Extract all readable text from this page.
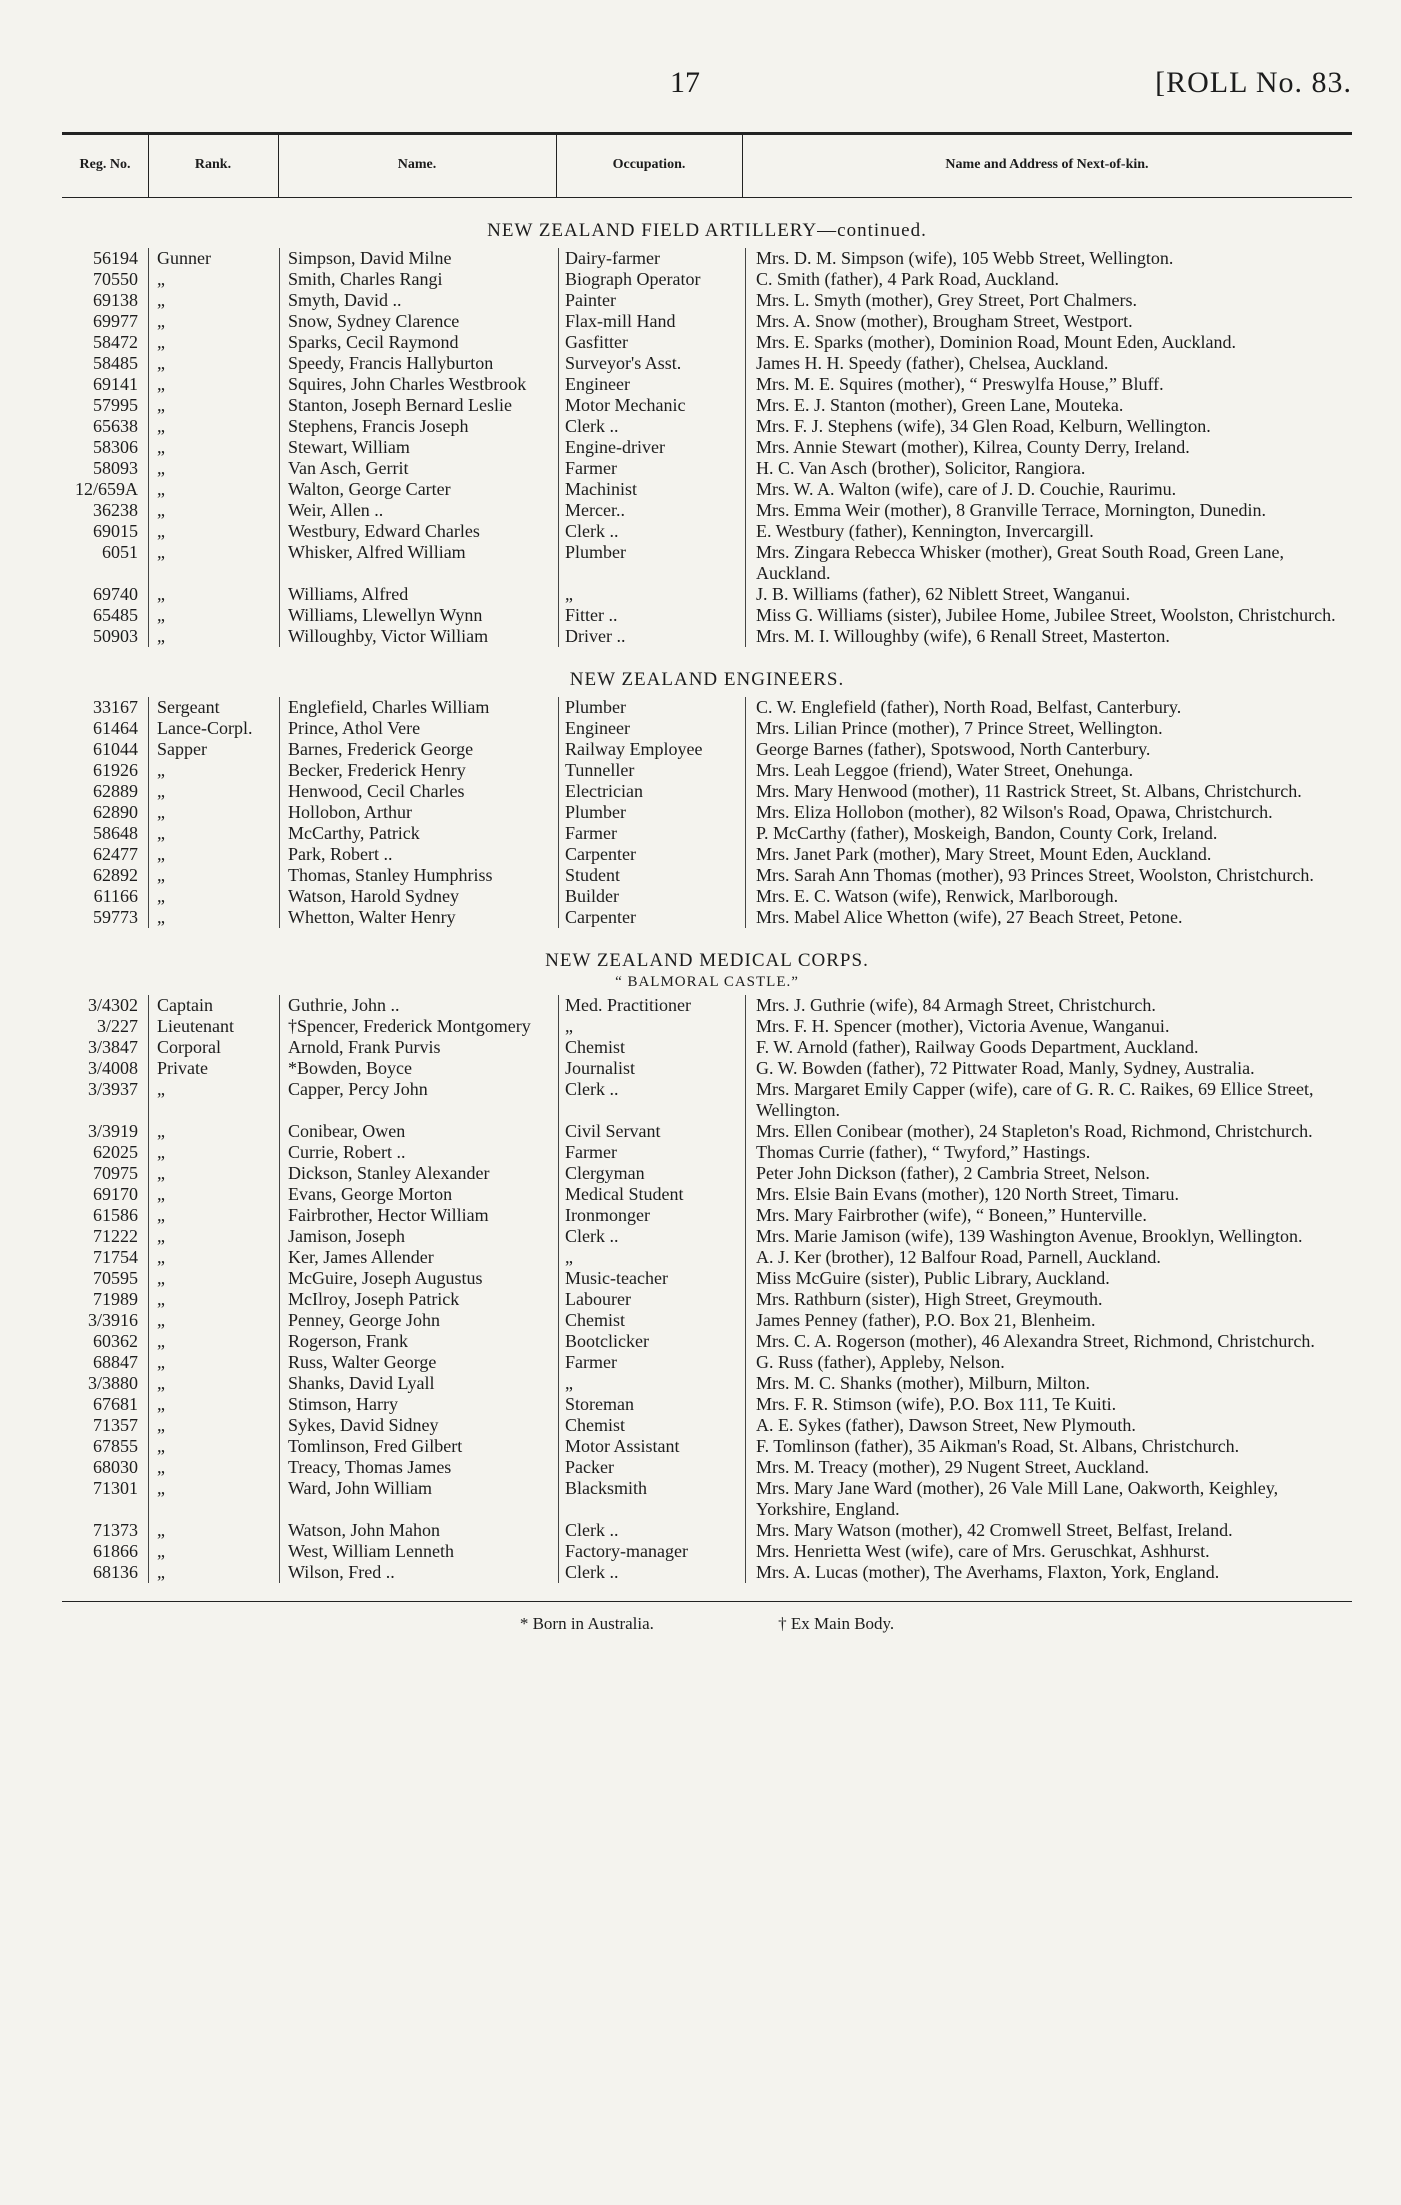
17	[ROLL No. 83.
Reg. No.	Rank.	Name.	Occupation.	Name and Address of Next-of-kin.
NEW ZEALAND FIELD ARTILLERY—continued.
56194	Gunner	Simpson, David Milne	Dairy-farmer	Mrs. D. M. Simpson (wife), 105 Webb Street, Wellington.
70550	„	Smith, Charles Rangi	Biograph Operator	C. Smith (father), 4 Park Road, Auckland.
69138	„	Smyth, David ..	Painter	Mrs. L. Smyth (mother), Grey Street, Port Chalmers.
69977	„	Snow, Sydney Clarence	Flax-mill Hand	Mrs. A. Snow (mother), Brougham Street, Westport.
58472	„	Sparks, Cecil Raymond	Gasfitter	Mrs. E. Sparks (mother), Dominion Road, Mount Eden, Auckland.
58485	„	Speedy, Francis Hallyburton	Surveyor's Asst.	James H. H. Speedy (father), Chelsea, Auckland.
69141	„	Squires, John Charles Westbrook	Engineer	Mrs. M. E. Squires (mother), “ Preswylfa House,” Bluff.
57995	„	Stanton, Joseph Bernard Leslie	Motor Mechanic	Mrs. E. J. Stanton (mother), Green Lane, Mouteka.
65638	„	Stephens, Francis Joseph	Clerk ..	Mrs. F. J. Stephens (wife), 34 Glen Road, Kelburn, Wellington.
58306	„	Stewart, William	Engine-driver	Mrs. Annie Stewart (mother), Kilrea, County Derry, Ireland.
58093	„	Van Asch, Gerrit	Farmer	H. C. Van Asch (brother), Solicitor, Rangiora.
12/659A	„	Walton, George Carter	Machinist	Mrs. W. A. Walton (wife), care of J. D. Couchie, Raurimu.
36238	„	Weir, Allen ..	Mercer..	Mrs. Emma Weir (mother), 8 Granville Terrace, Mornington, Dunedin.
69015	„	Westbury, Edward Charles	Clerk ..	E. Westbury (father), Kennington, Invercargill.
6051	„	Whisker, Alfred William	Plumber	Mrs. Zingara Rebecca Whisker (mother), Great South Road, Green Lane, Auckland.
69740	„	Williams, Alfred	„	J. B. Williams (father), 62 Niblett Street, Wanganui.
65485	„	Williams, Llewellyn Wynn	Fitter ..	Miss G. Williams (sister), Jubilee Home, Jubilee Street, Woolston, Christchurch.
50903	„	Willoughby, Victor William	Driver ..	Mrs. M. I. Willoughby (wife), 6 Renall Street, Masterton.
NEW ZEALAND ENGINEERS.
33167	Sergeant	Englefield, Charles William	Plumber	C. W. Englefield (father), North Road, Belfast, Canterbury.
61464	Lance-Corpl.	Prince, Athol Vere	Engineer	Mrs. Lilian Prince (mother), 7 Prince Street, Wellington.
61044	Sapper	Barnes, Frederick George	Railway Employee	George Barnes (father), Spotswood, North Canterbury.
61926	„	Becker, Frederick Henry	Tunneller	Mrs. Leah Leggoe (friend), Water Street, Onehunga.
62889	„	Henwood, Cecil Charles	Electrician	Mrs. Mary Henwood (mother), 11 Rastrick Street, St. Albans, Christchurch.
62890	„	Hollobon, Arthur	Plumber	Mrs. Eliza Hollobon (mother), 82 Wilson's Road, Opawa, Christchurch.
58648	„	McCarthy, Patrick	Farmer	P. McCarthy (father), Moskeigh, Bandon, County Cork, Ireland.
62477	„	Park, Robert ..	Carpenter	Mrs. Janet Park (mother), Mary Street, Mount Eden, Auckland.
62892	„	Thomas, Stanley Humphriss	Student	Mrs. Sarah Ann Thomas (mother), 93 Princes Street, Woolston, Christchurch.
61166	„	Watson, Harold Sydney	Builder	Mrs. E. C. Watson (wife), Renwick, Marlborough.
59773	„	Whetton, Walter Henry	Carpenter	Mrs. Mabel Alice Whetton (wife), 27 Beach Street, Petone.
NEW ZEALAND MEDICAL CORPS.
“ BALMORAL CASTLE.”
3/4302	Captain	Guthrie, John ..	Med. Practitioner	Mrs. J. Guthrie (wife), 84 Armagh Street, Christchurch.
3/227	Lieutenant	†Spencer, Frederick Montgomery	„	Mrs. F. H. Spencer (mother), Victoria Avenue, Wanganui.
3/3847	Corporal	Arnold, Frank Purvis	Chemist	F. W. Arnold (father), Railway Goods Department, Auckland.
3/4008	Private	*Bowden, Boyce	Journalist	G. W. Bowden (father), 72 Pittwater Road, Manly, Sydney, Australia.
3/3937	„	Capper, Percy John	Clerk ..	Mrs. Margaret Emily Capper (wife), care of G. R. C. Raikes, 69 Ellice Street, Wellington.
3/3919	„	Conibear, Owen	Civil Servant	Mrs. Ellen Conibear (mother), 24 Stapleton's Road, Richmond, Christchurch.
62025	„	Currie, Robert ..	Farmer	Thomas Currie (father), “ Twyford,” Hastings.
70975	„	Dickson, Stanley Alexander	Clergyman	Peter John Dickson (father), 2 Cambria Street, Nelson.
69170	„	Evans, George Morton	Medical Student	Mrs. Elsie Bain Evans (mother), 120 North Street, Timaru.
61586	„	Fairbrother, Hector William	Ironmonger	Mrs. Mary Fairbrother (wife), “ Boneen,” Hunterville.
71222	„	Jamison, Joseph	Clerk ..	Mrs. Marie Jamison (wife), 139 Washington Avenue, Brooklyn, Wellington.
71754	„	Ker, James Allender	„	A. J. Ker (brother), 12 Balfour Road, Parnell, Auckland.
70595	„	McGuire, Joseph Augustus	Music-teacher	Miss McGuire (sister), Public Library, Auckland.
71989	„	McIlroy, Joseph Patrick	Labourer	Mrs. Rathburn (sister), High Street, Greymouth.
3/3916	„	Penney, George John	Chemist	James Penney (father), P.O. Box 21, Blenheim.
60362	„	Rogerson, Frank	Bootclicker	Mrs. C. A. Rogerson (mother), 46 Alexandra Street, Richmond, Christchurch.
68847	„	Russ, Walter George	Farmer	G. Russ (father), Appleby, Nelson.
3/3880	„	Shanks, David Lyall	„	Mrs. M. C. Shanks (mother), Milburn, Milton.
67681	„	Stimson, Harry	Storeman	Mrs. F. R. Stimson (wife), P.O. Box 111, Te Kuiti.
71357	„	Sykes, David Sidney	Chemist	A. E. Sykes (father), Dawson Street, New Plymouth.
67855	„	Tomlinson, Fred Gilbert	Motor Assistant	F. Tomlinson (father), 35 Aikman's Road, St. Albans, Christchurch.
68030	„	Treacy, Thomas James	Packer	Mrs. M. Treacy (mother), 29 Nugent Street, Auckland.
71301	„	Ward, John William	Blacksmith	Mrs. Mary Jane Ward (mother), 26 Vale Mill Lane, Oakworth, Keighley, Yorkshire, England.
71373	„	Watson, John Mahon	Clerk ..	Mrs. Mary Watson (mother), 42 Cromwell Street, Belfast, Ireland.
61866	„	West, William Lenneth	Factory-manager	Mrs. Henrietta West (wife), care of Mrs. Geruschkat, Ashhurst.
68136	„	Wilson, Fred ..	Clerk ..	Mrs. A. Lucas (mother), The Averhams, Flaxton, York, England.
* Born in Australia.	† Ex Main Body.
